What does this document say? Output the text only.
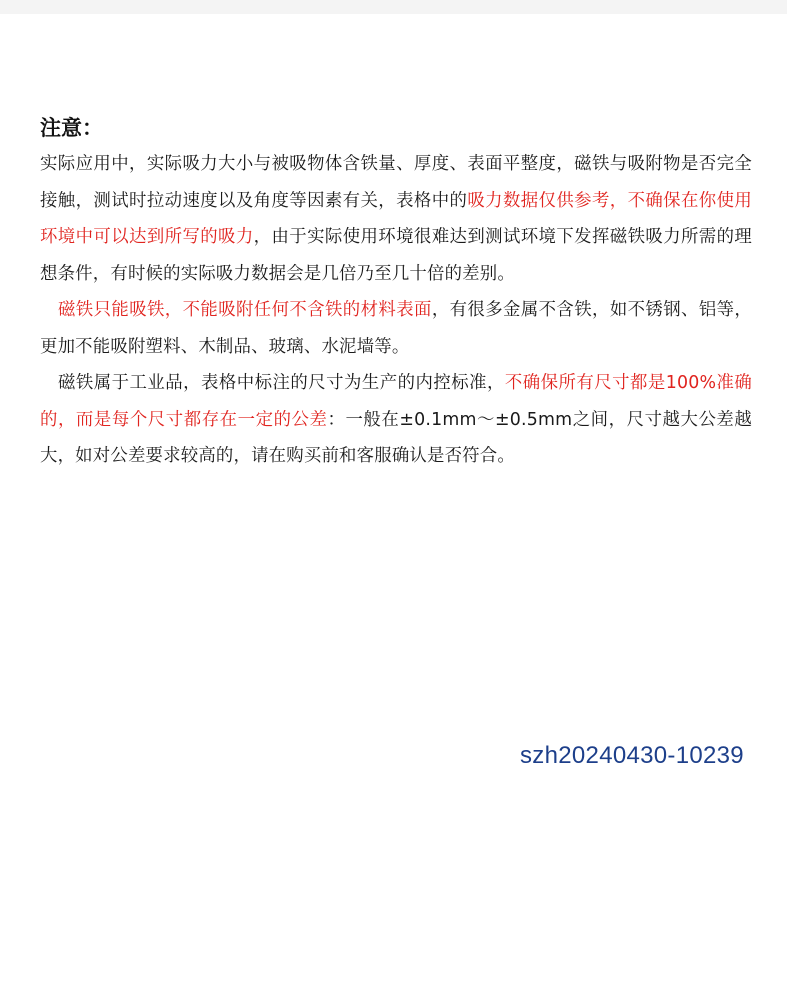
注意：

实际应用中，实际吸力大小与被吸物体含铁量、厚度、表面平整度，磁铁与吸附物是否完全接触，测试时拉动速度以及角度等因素有关，表格中的吸力数据仅供参考，不确保在你使用环境中可以达到所写的吸力，由于实际使用环境很难达到测试环境下发挥磁铁吸力所需的理想条件，有时候的实际吸力数据会是几倍乃至几十倍的差别。

磁铁只能吸铁，不能吸附任何不含铁的材料表面，有很多金属不含铁，如不锈钢、铝等，更加不能吸附塑料、木制品、玻璃、水泥墙等。

磁铁属于工业品，表格中标注的尺寸为生产的内控标准，不确保所有尺寸都是100%准确的，而是每个尺寸都存在一定的公差：一般在±0.1mm～±0.5mm之间，尺寸越大公差越大，如对公差要求较高的，请在购买前和客服确认是否符合。

szh20240430-10239
